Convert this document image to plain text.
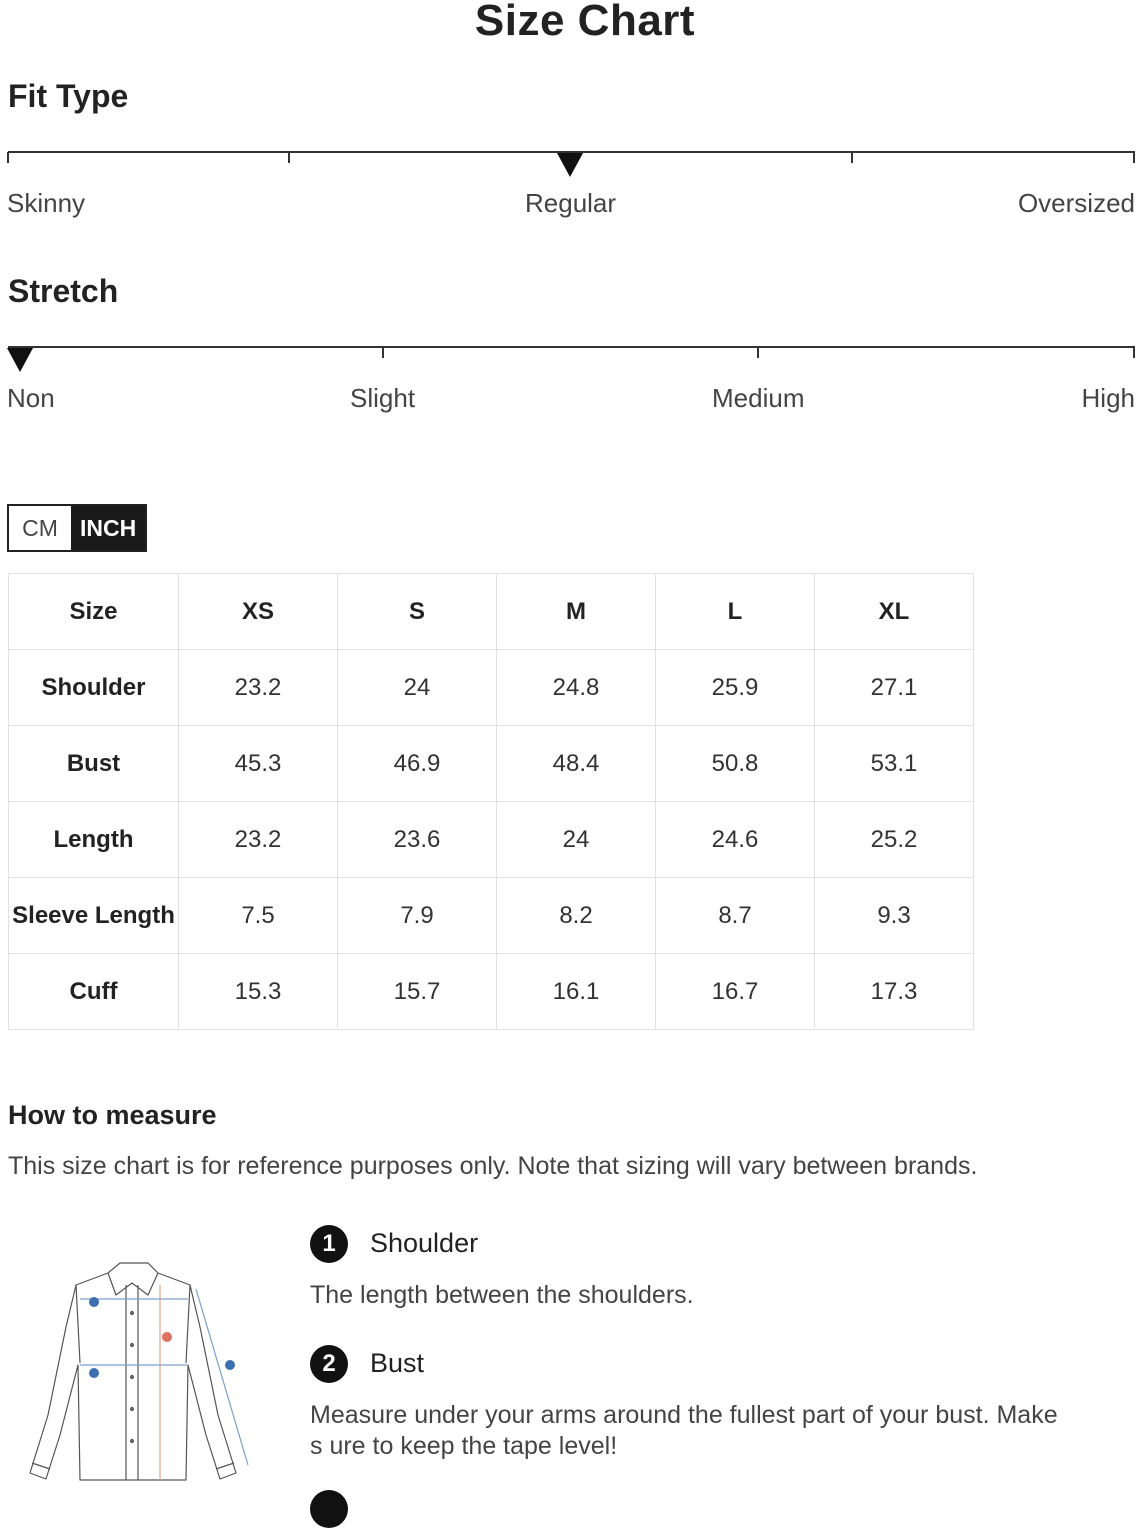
Size Chart
Fit Type
Skinny	Regular	Oversized
Stretch
Non	Slight	Medium	High
CM INCH
Size	XS	S	M	L	XL
Shoulder	23.2	24	24.8	25.9	27.1
Bust	45.3	46.9	48.4	50.8	53.1
Length	23.2	23.6	24	24.6	25.2
Sleeve Length	7.5	7.9	8.2	8.7	9.3
Cuff	15.3	15.7	16.1	16.7	17.3
How to measure
This size chart is for reference purposes only. Note that sizing will vary between brands.
1	Shoulder
The length between the shoulders.
2	Bust
Measure under your arms around the fullest part of your bust. Make s ure to keep the tape level!
